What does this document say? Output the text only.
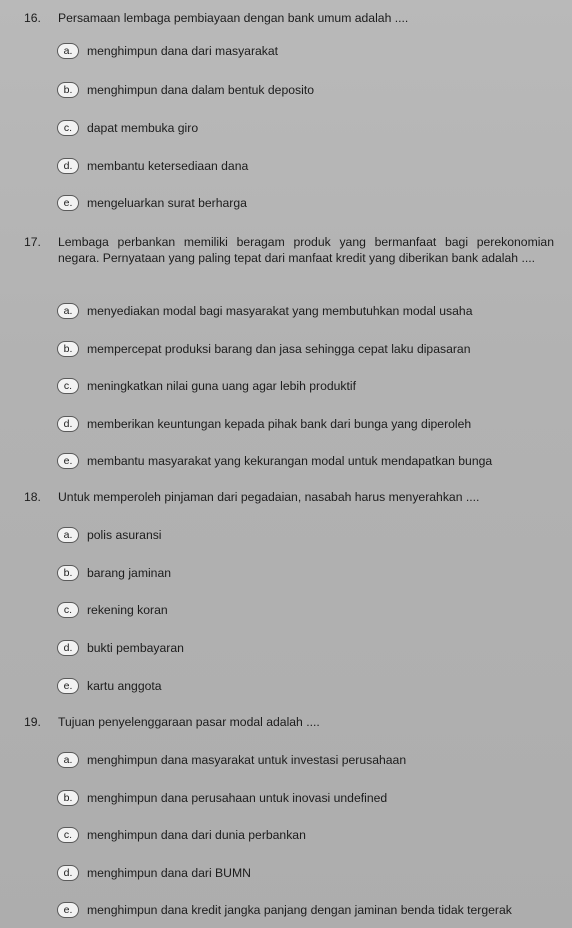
16.	Persamaan lembaga pembiayaan dengan bank umum adalah ....
a. menghimpun dana dari masyarakat
b. menghimpun dana dalam bentuk deposito
c. dapat membuka giro
d. membantu ketersediaan dana
e. mengeluarkan surat berharga
17.	Lembaga perbankan memiliki beragam produk yang bermanfaat bagi perekonomian negara. Pernyataan yang paling tepat dari manfaat kredit yang diberikan bank adalah ....
a. menyediakan modal bagi masyarakat yang membutuhkan modal usaha
b. mempercepat produksi barang dan jasa sehingga cepat laku dipasaran
c. meningkatkan nilai guna uang agar lebih produktif
d. memberikan keuntungan kepada pihak bank dari bunga yang diperoleh
e. membantu masyarakat yang kekurangan modal untuk mendapatkan bunga
18.	Untuk memperoleh pinjaman dari pegadaian, nasabah harus menyerahkan ....
a. polis asuransi
b. barang jaminan
c. rekening koran
d. bukti pembayaran
e. kartu anggota
19.	Tujuan penyelenggaraan pasar modal adalah ....
a. menghimpun dana masyarakat untuk investasi perusahaan
b. menghimpun dana perusahaan untuk inovasi undefined
c. menghimpun dana dari dunia perbankan
d. menghimpun dana dari BUMN
e. menghimpun dana kredit jangka panjang dengan jaminan benda tidak tergerak
